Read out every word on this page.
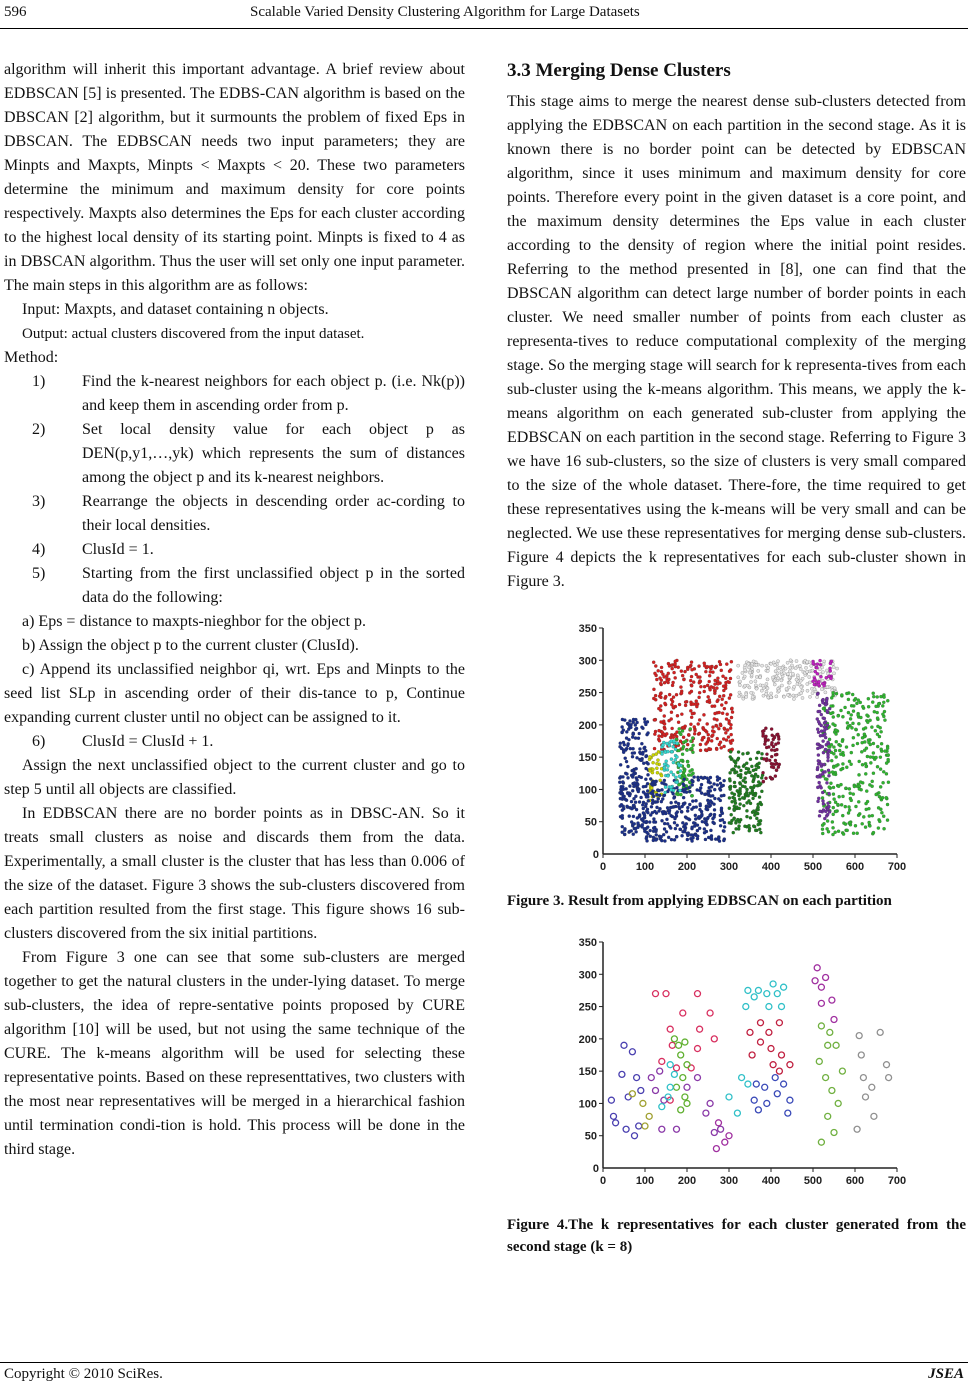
596	Scalable Varied Density Clustering Algorithm for Large Datasets

algorithm will inherit this important advantage. A brief review about EDBSCAN [5] is presented. The EDBS-CAN algorithm is based on the DBSCAN [2] algorithm, but it surmounts the problem of fixed Eps in DBSCAN. The EDBSCAN needs two input parameters; they are Minpts and Maxpts, Minpts < Maxpts < 20. These two parameters determine the minimum and maximum density for core points respectively. Maxpts also determines the Eps for each cluster according to the highest local density of its starting point. Minpts is fixed to 4 as in DBSCAN algorithm. Thus the user will set only one input parameter. The main steps in this algorithm are as follows:

Input: Maxpts, and dataset containing n objects.

Output: actual clusters discovered from the input dataset.

Method:

1) Find the k-nearest neighbors for each object p. (i.e. Nk(p)) and keep them in ascending order from p.
2) Set local density value for each object p as DEN(p,y1,…,yk) which represents the sum of distances among the object p and its k-nearest neighbors.
3) Rearrange the objects in descending order ac-cording to their local densities.
4) ClusId = 1.
5) Starting from the first unclassified object p in the sorted data do the following:

a) Eps = distance to maxpts-nieghbor for the object p.

b) Assign the object p to the current cluster (ClusId).

c) Append its unclassified neighbor qi, wrt. Eps and Minpts to the seed list SLp in ascending order of their dis-tance to p, Continue expanding current cluster until no object can be assigned to it.

6) ClusId = ClusId + 1.

Assign the next unclassified object to the current cluster and go to step 5 until all objects are classified.

In EDBSCAN there are no border points as in DBSC-AN. So it treats small clusters as noise and discards them from the data. Experimentally, a small cluster is the cluster that has less than 0.006 of the size of the dataset. Figure 3 shows the sub-clusters discovered from each partition resulted from the first stage. This figure shows 16 sub-clusters discovered from the six initial partitions.

From Figure 3 one can see that some sub-clusters are merged together to get the natural clusters in the under-lying dataset. To merge sub-clusters, the idea of repre-sentative points proposed by CURE algorithm [10] will be used, but not using the same technique of the CURE. The k-means algorithm will be used for selecting these representative points. Based on these representtatives, two clusters with the most near representatives will be merged in a hierarchical fashion until termination condi-tion is hold. This process will be done in the third stage.

3.3 Merging Dense Clusters

This stage aims to merge the nearest dense sub-clusters detected from applying the EDBSCAN on each partition in the second stage. As it is known there is no border point can be detected by EDBSCAN algorithm, since it uses minimum and maximum density for core points. Therefore every point in the given dataset is a core point, and the maximum density determines the Eps value in each cluster according to the density of region where the initial point resides. Referring to the method presented in [8], one can find that the DBSCAN algorithm can detect large number of border points in each cluster. We need smaller number of points from each cluster as representa-tives to reduce computational complexity of the merging stage. So the merging stage will search for k representa-tives from each sub-cluster using the k-means algorithm. This means, we apply the k-means algorithm on each generated sub-cluster from applying the EDBSCAN on each partition in the second stage. Referring to Figure 3 we have 16 sub-clusters, so the size of clusters is very small compared to the size of the whole dataset. There-fore, the time required to get these representatives using the k-means will be very small and can be neglected. We use these representatives for merging dense sub-clusters. Figure 4 depicts the k representatives for each sub-cluster shown in Figure 3.

0	100 200 300 400 500 600 700
0
50
100
150
200
250
300
350
Figure 3. Result from applying EDBSCAN on each partition
0	100 200 300 400 500 600 700
0
50
100
150
200
250
300
350
Figure 4.The k representatives for each cluster generated from the second stage (k = 8)
Copyright © 2010 SciRes.	JSEA
